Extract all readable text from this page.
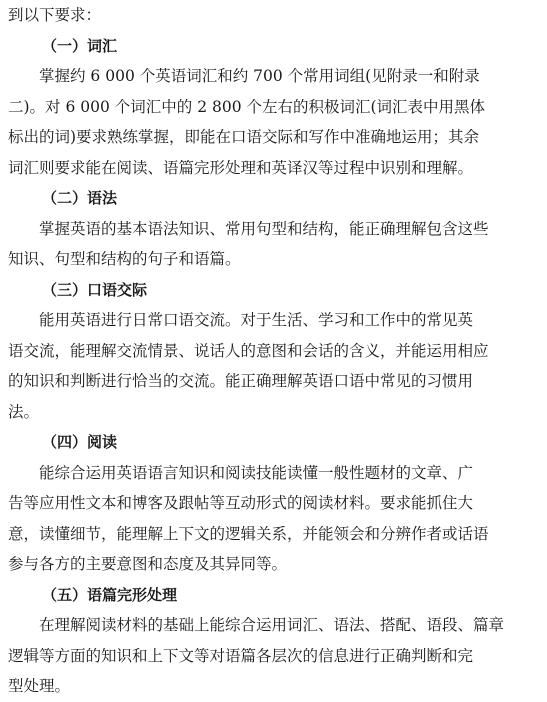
到以下要求：
（一）词汇
掌握约 6 000 个英语词汇和约 700 个常用词组(见附录一和附录
二)。对 6 000 个词汇中的 2 800 个左右的积极词汇(词汇表中用黑体
标出的词)要求熟练掌握，即能在口语交际和写作中准确地运用；其余
词汇则要求能在阅读、语篇完形处理和英译汉等过程中识别和理解。
（二）语法
掌握英语的基本语法知识、常用句型和结构，能正确理解包含这些
知识、句型和结构的句子和语篇。
（三）口语交际
能用英语进行日常口语交流。对于生活、学习和工作中的常见英
语交流，能理解交流情景、说话人的意图和会话的含义，并能运用相应
的知识和判断进行恰当的交流。能正确理解英语口语中常见的习惯用
法。
（四）阅读
能综合运用英语语言知识和阅读技能读懂一般性题材的文章、广
告等应用性文本和博客及跟帖等互动形式的阅读材料。要求能抓住大
意，读懂细节，能理解上下文的逻辑关系，并能领会和分辨作者或话语
参与各方的主要意图和态度及其异同等。
（五）语篇完形处理
在理解阅读材料的基础上能综合运用词汇、语法、搭配、语段、篇章
逻辑等方面的知识和上下文等对语篇各层次的信息进行正确判断和完
型处理。
